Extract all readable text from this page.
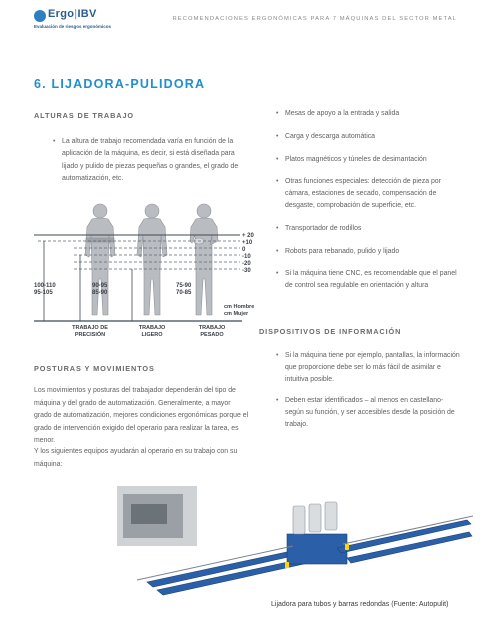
Ergo|IBV
Evaluación de riesgos ergonómicos
RECOMENDACIONES ERGONÓMICAS PARA 7 MÁQUINAS DEL SECTOR METAL
6. LIJADORA-PULIDORA
ALTURAS DE TRABAJO
• La altura de trabajo recomendada varía en función de la aplicación de la máquina, es decir, si está diseñada para lijado y pulido de piezas pequeñas o grandes, el grado de automatización, etc.
+ 20
+10
0
-10
-20
-30
100-110
95-105
90-95
85-90
75-90
70-85
cm Hombre
cm Mujer
TRABAJO DE
PRECISIÓN
TRABAJO
LIGERO
TRABAJO
PESADO
POSTURAS Y MOVIMIENTOS
Los movimientos y posturas del trabajador dependerán del tipo de máquina y del grado de automatización. Generalmente, a mayor grado de automatización, mejores condiciones ergonómicas porque el grado de intervención exigido del operario para realizar la tarea, es menor.
Y los siguientes equipos ayudarán al operario en su trabajo con su máquina:
• Mesas de apoyo a la entrada y salida
• Carga y descarga automática
• Platos magnéticos y túneles de desimantación
• Otras funciones especiales: detección de pieza por cámara, estaciones de secado, compensación de desgaste, comprobación de superficie, etc.
• Transportador de rodillos
• Robots para rebanado, pulido y lijado
• Si la máquina tiene CNC, es recomendable que el panel de control sea regulable en orientación y altura
DISPOSITIVOS DE INFORMACIÓN
• Si la máquina tiene por ejemplo, pantallas, la información que proporcione debe ser lo más fácil de asimilar e intuitiva posible.
• Deben estar identificados – al menos en castellano- según su función, y ser accesibles desde la posición de trabajo.
Lijadora para tubos y barras redondas (Fuente: Autopulit)
